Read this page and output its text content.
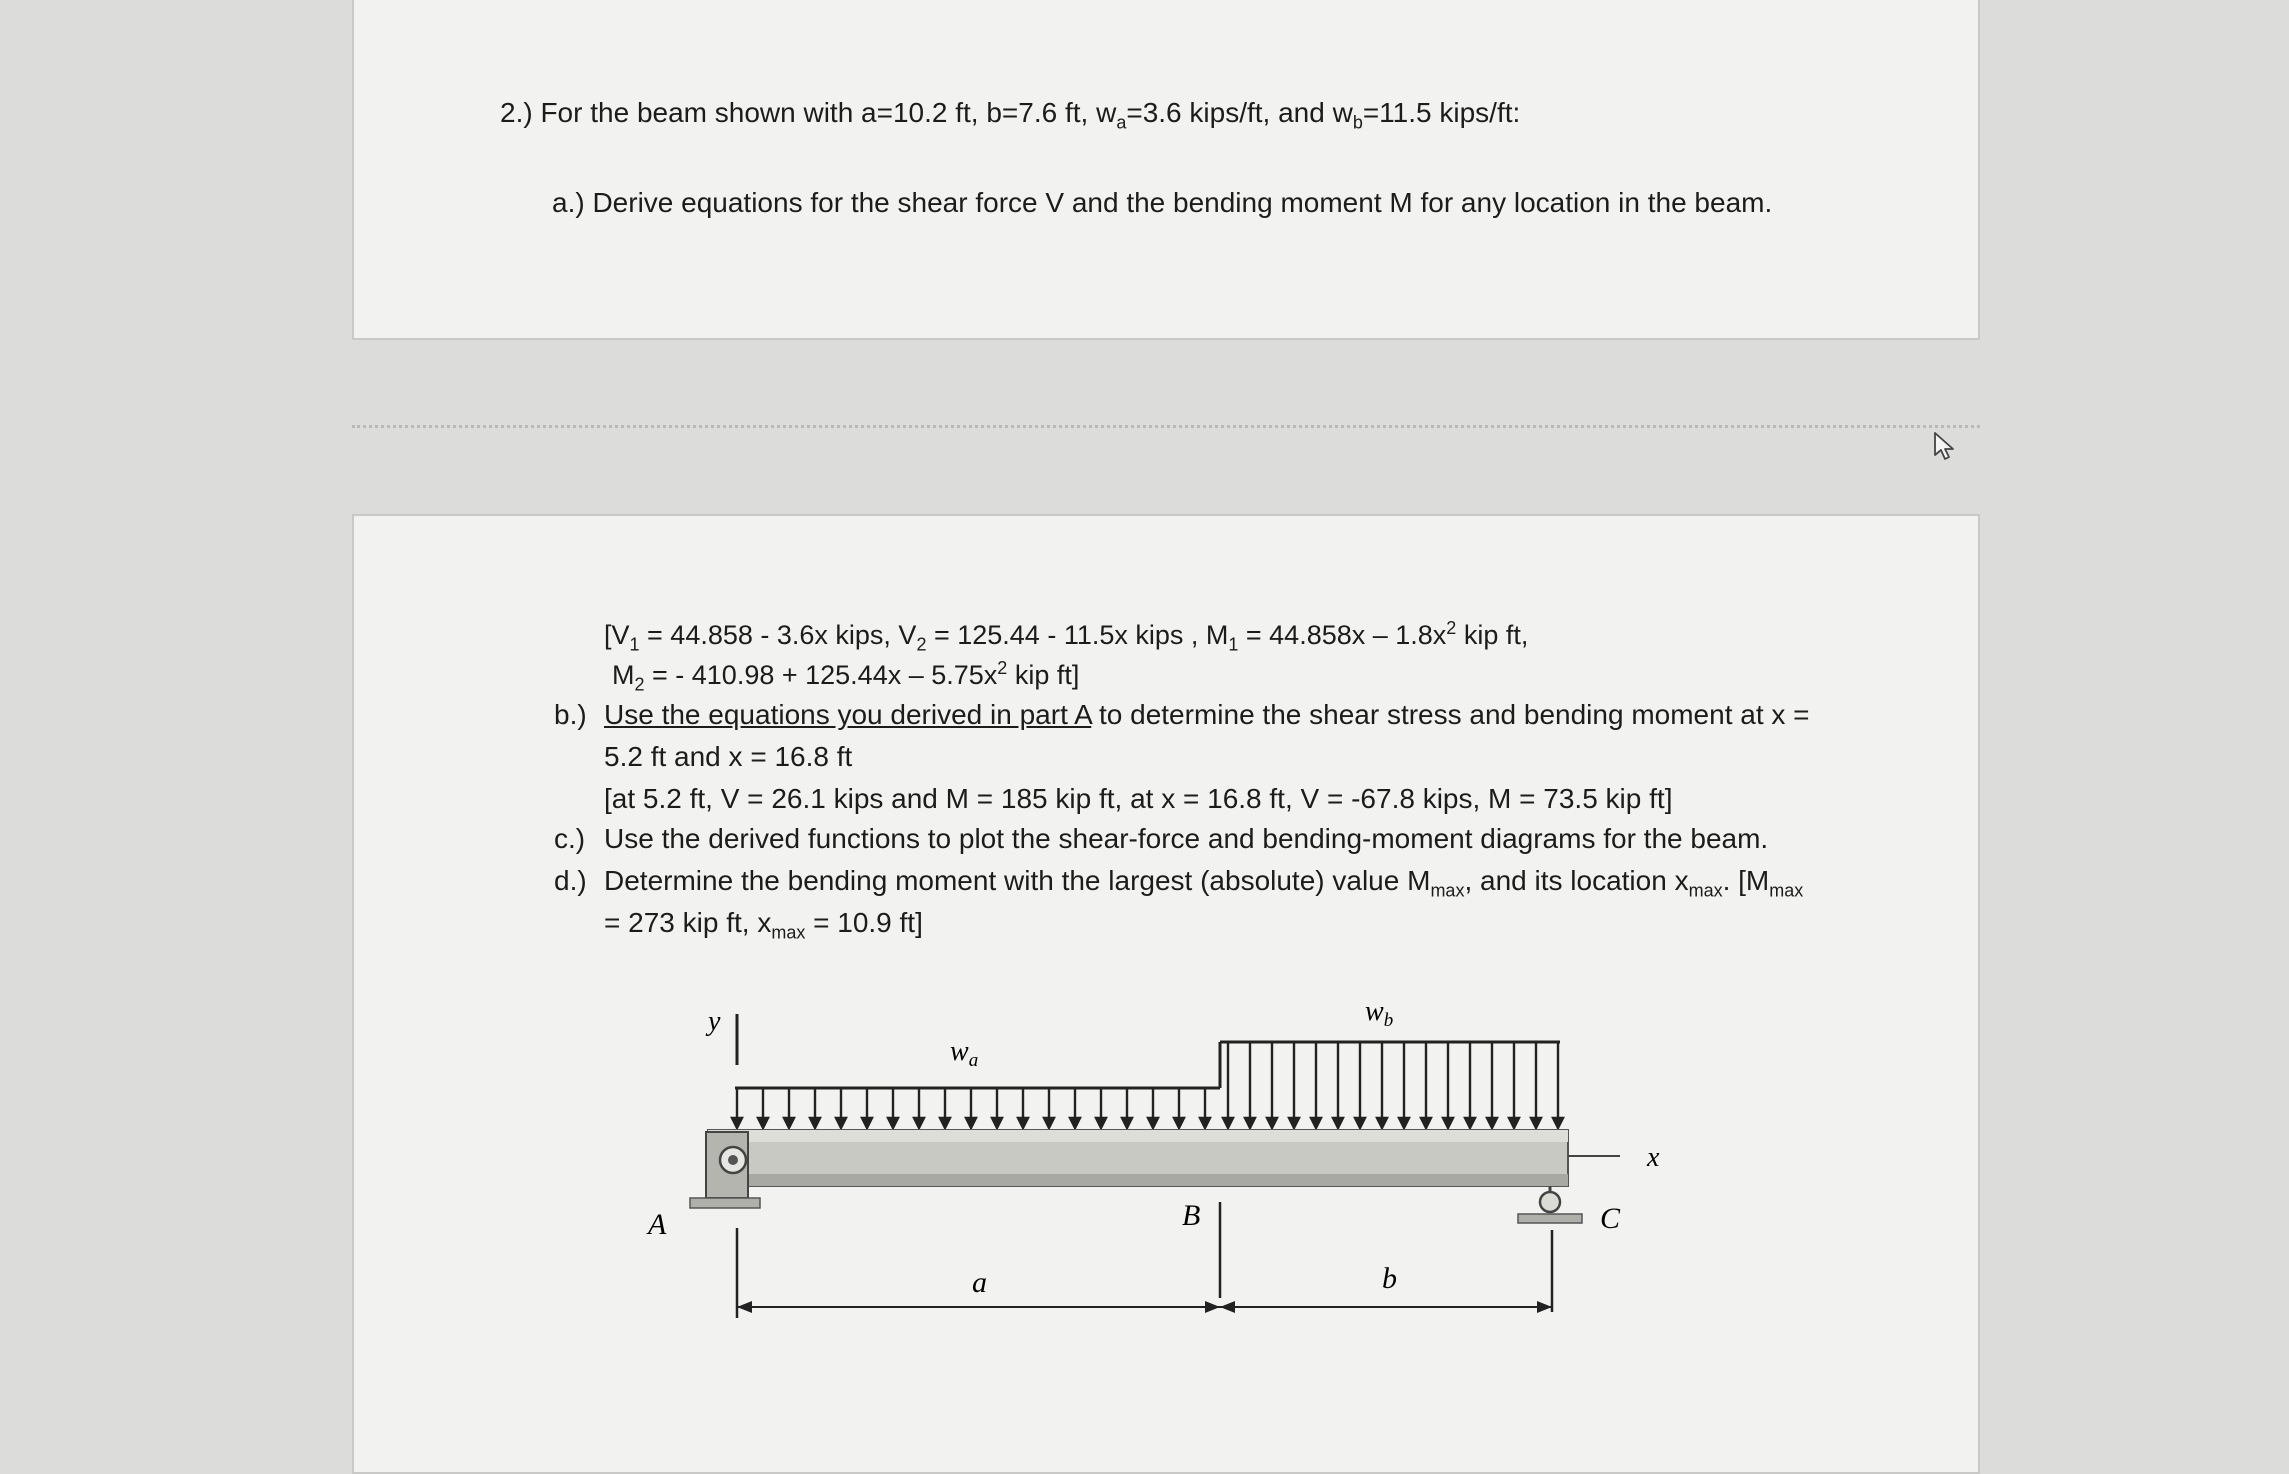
2.) For the beam shown with a=10.2 ft, b=7.6 ft, $w_a=3.6$ kips/ft, and $w_b=11.5$ kips/ft:
a.) Derive equations for the shear force V and the bending moment M for any location in the beam.
[$V_1 = 44.858 - 3.6x$ kips, $V_2 = 125.44 - 11.5x$ kips , $M_1 = 44.858x - 1.8x^2$ kip ft,
$M_2$ = - $410.98 + 125.44x - 5.75x^2$ kip ft]
b.) Use the equations you derived in part A to determine the shear stress and bending moment at x =
5.2 ft and x = 16.8 ft
[at 5.2 ft, V = 26.1 kips and M = 185 kip ft, at x = 16.8 ft, V = -67.8 kips, M = 73.5 kip ft]
c.) Use the derived functions to plot the shear-force and bending-moment diagrams for the beam.
d.) Determine the bending moment with the largest (absolute) value $M_{max}$, and its location $x_{max}$. [$M_{max}$
= 273 kip ft, $x_{max} = 10.9$ ft]
y
$w_a$
$w_b$
x
A	C
B
a	b
